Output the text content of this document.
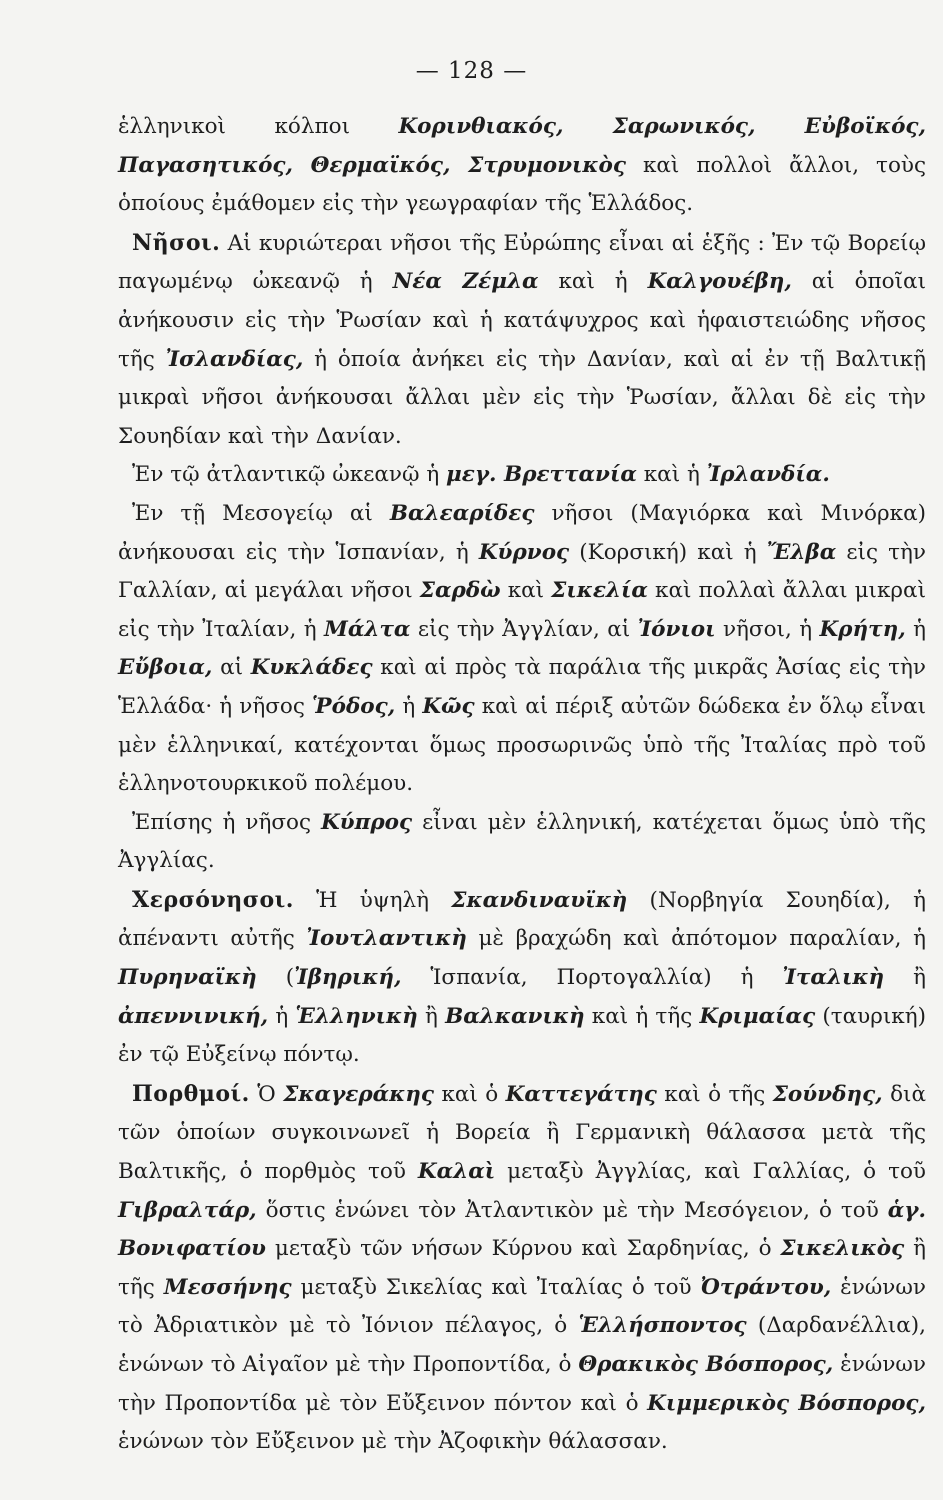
— 128 —

ἑλληνικοὶ κόλποι Κορινθιακός, Σαρωνικός, Εὐβοϊκός, Παγασητικός, Θερμαϊκός, Στρυμονικὸς καὶ πολλοὶ ἄλλοι, τοὺς ὁποίους ἐμάθομεν εἰς τὴν γεωγραφίαν τῆς Ἑλλάδος.

Νῆσοι. Αἱ κυριώτεραι νῆσοι τῆς Εὐρώπης εἶναι αἱ ἑξῆς : Ἐν τῷ Βορείῳ παγωμένῳ ὠκεανῷ ἡ Νέα Ζέμλα καὶ ἡ Καλγουέβη, αἱ ὁποῖαι ἀνήκουσιν εἰς τὴν Ῥωσίαν καὶ ἡ κατάψυχρος καὶ ἡφαιστειώδης νῆσος τῆς Ἰσλανδίας, ἡ ὁποία ἀνήκει εἰς τὴν Δανίαν, καὶ αἱ ἐν τῇ Βαλτικῇ μικραὶ νῆσοι ἀνήκουσαι ἄλλαι μὲν εἰς τὴν Ῥωσίαν, ἄλλαι δὲ εἰς τὴν Σουηδίαν καὶ τὴν Δανίαν.

Ἐν τῷ ἀτλαντικῷ ὠκεανῷ ἡ μεγ. Βρεττανία καὶ ἡ Ἰρλανδία.

Ἐν τῇ Μεσογείῳ αἱ Βαλεαρίδες νῆσοι (Μαγιόρκα καὶ Μινόρκα) ἀνήκουσαι εἰς τὴν Ἱσπανίαν, ἡ Κύρνος (Κορσική) καὶ ἡ Ἔλβα εἰς τὴν Γαλλίαν, αἱ μεγάλαι νῆσοι Σαρδὼ καὶ Σικελία καὶ πολλαὶ ἄλλαι μικραὶ εἰς τὴν Ἰταλίαν, ἡ Μάλτα εἰς τὴν Ἀγγλίαν, αἱ Ἰόνιοι νῆσοι, ἡ Κρήτη, ἡ Εὔβοια, αἱ Κυκλάδες καὶ αἱ πρὸς τὰ παράλια τῆς μικρᾶς Ἀσίας εἰς τὴν Ἑλλάδα· ἡ νῆσος Ῥόδος, ἡ Κῶς καὶ αἱ πέριξ αὐτῶν δώδεκα ἐν ὅλῳ εἶναι μὲν ἑλληνικαί, κατέχονται ὅμως προσωρινῶς ὑπὸ τῆς Ἰταλίας πρὸ τοῦ ἑλληνοτουρκικοῦ πολέμου.

Ἐπίσης ἡ νῆσος Κύπρος εἶναι μὲν ἑλληνική, κατέχεται ὅμως ὑπὸ τῆς Ἀγγλίας.

Χερσόνησοι. Ἡ ὑψηλὴ Σκανδιναυϊκὴ (Νορβηγία Σουηδία), ἡ ἀπέναντι αὐτῆς Ἰουτλαντικὴ μὲ βραχώδη καὶ ἀπότομον παραλίαν, ἡ Πυρηναϊκὴ (Ἰβηρική, Ἱσπανία, Πορτογαλλία) ἡ Ἰταλικὴ ἢ ἀπεννινική, ἡ Ἑλληνικὴ ἢ Βαλκανικὴ καὶ ἡ τῆς Κριμαίας (ταυρική) ἐν τῷ Εὐξείνῳ πόντῳ.

Πορθμοί. Ὁ Σκαγεράκης καὶ ὁ Καττεγάτης καὶ ὁ τῆς Σούνδης, διὰ τῶν ὁποίων συγκοινωνεῖ ἡ Βορεία ἢ Γερμανικὴ θάλασσα μετὰ τῆς Βαλτικῆς, ὁ πορθμὸς τοῦ Καλαὶ μεταξὺ Ἀγγλίας, καὶ Γαλλίας, ὁ τοῦ Γιβραλτάρ, ὅστις ἑνώνει τὸν Ἀτλαντικὸν μὲ τὴν Μεσόγειον, ὁ τοῦ ἁγ. Βονιφατίου μεταξὺ τῶν νήσων Κύρνου καὶ Σαρδηνίας, ὁ Σικελικὸς ἢ τῆς Μεσσήνης μεταξὺ Σικελίας καὶ Ἰταλίας ὁ τοῦ Ὀτράντου, ἑνώνων τὸ Ἀδριατικὸν μὲ τὸ Ἰόνιον πέλαγος, ὁ Ἑλλήσποντος (Δαρδανέλλια), ἑνώνων τὸ Αἰγαῖον μὲ τὴν Προποντίδα, ὁ Θρακικὸς Βόσπορος, ἑνώνων τὴν Προποντίδα μὲ τὸν Εὔξεινον πόντον καὶ ὁ Κιμμερικὸς Βόσπορος, ἑνώνων τὸν Εὔξεινον μὲ τὴν Ἀζοφικὴν θάλασσαν.
